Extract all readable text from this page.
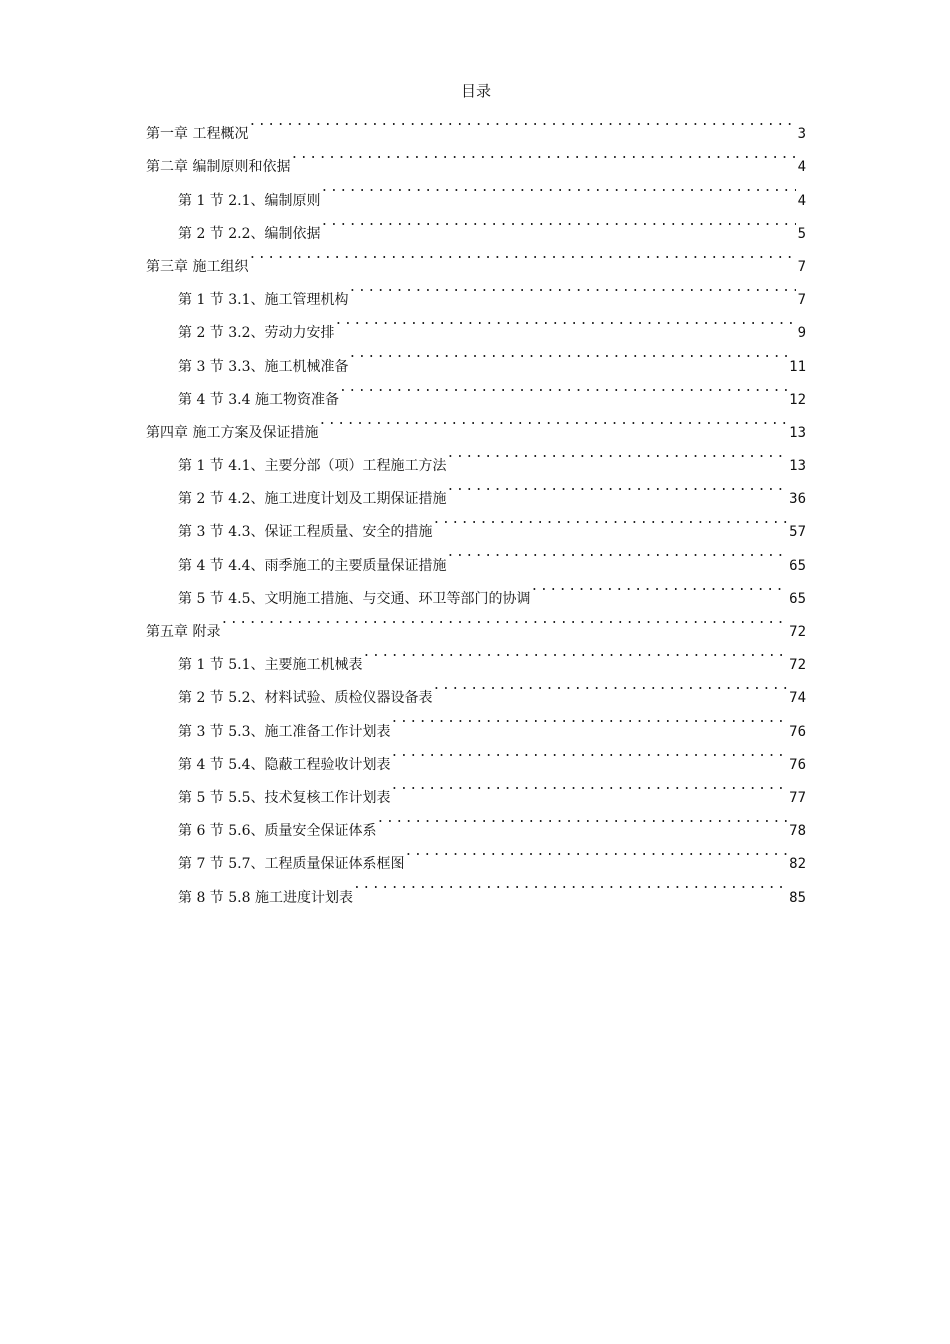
目录
第一章 工程概况 .....	3
第二章 编制原则和依据 .....	4
第 1 节 2.1、编制原则 .....	4
第 2 节 2.2、编制依据 .....	5
第三章 施工组织 .....	7
第 1 节 3.1、施工管理机构 .....	7
第 2 节 3.2、劳动力安排 .....	9
第 3 节 3.3、施工机械准备 .....	11
第 4 节 3.4 施工物资准备 .....	12
第四章 施工方案及保证措施 .....	13
第 1 节 4.1、主要分部（项）工程施工方法 .....	13
第 2 节 4.2、施工进度计划及工期保证措施 .....	36
第 3 节 4.3、保证工程质量、安全的措施 .....	57
第 4 节 4.4、雨季施工的主要质量保证措施 .....	65
第 5 节 4.5、文明施工措施、与交通、环卫等部门的协调 .....	65
第五章 附录 .....	72
第 1 节 5.1、主要施工机械表 .....	72
第 2 节 5.2、材料试验、质检仪器设备表 .....	74
第 3 节 5.3、施工准备工作计划表 .....	76
第 4 节 5.4、隐蔽工程验收计划表 .....	76
第 5 节 5.5、技术复核工作计划表 .....	77
第 6 节 5.6、质量安全保证体系 .....	78
第 7 节 5.7、工程质量保证体系框图 .....	82
第 8 节 5.8 施工进度计划表 .....	85
